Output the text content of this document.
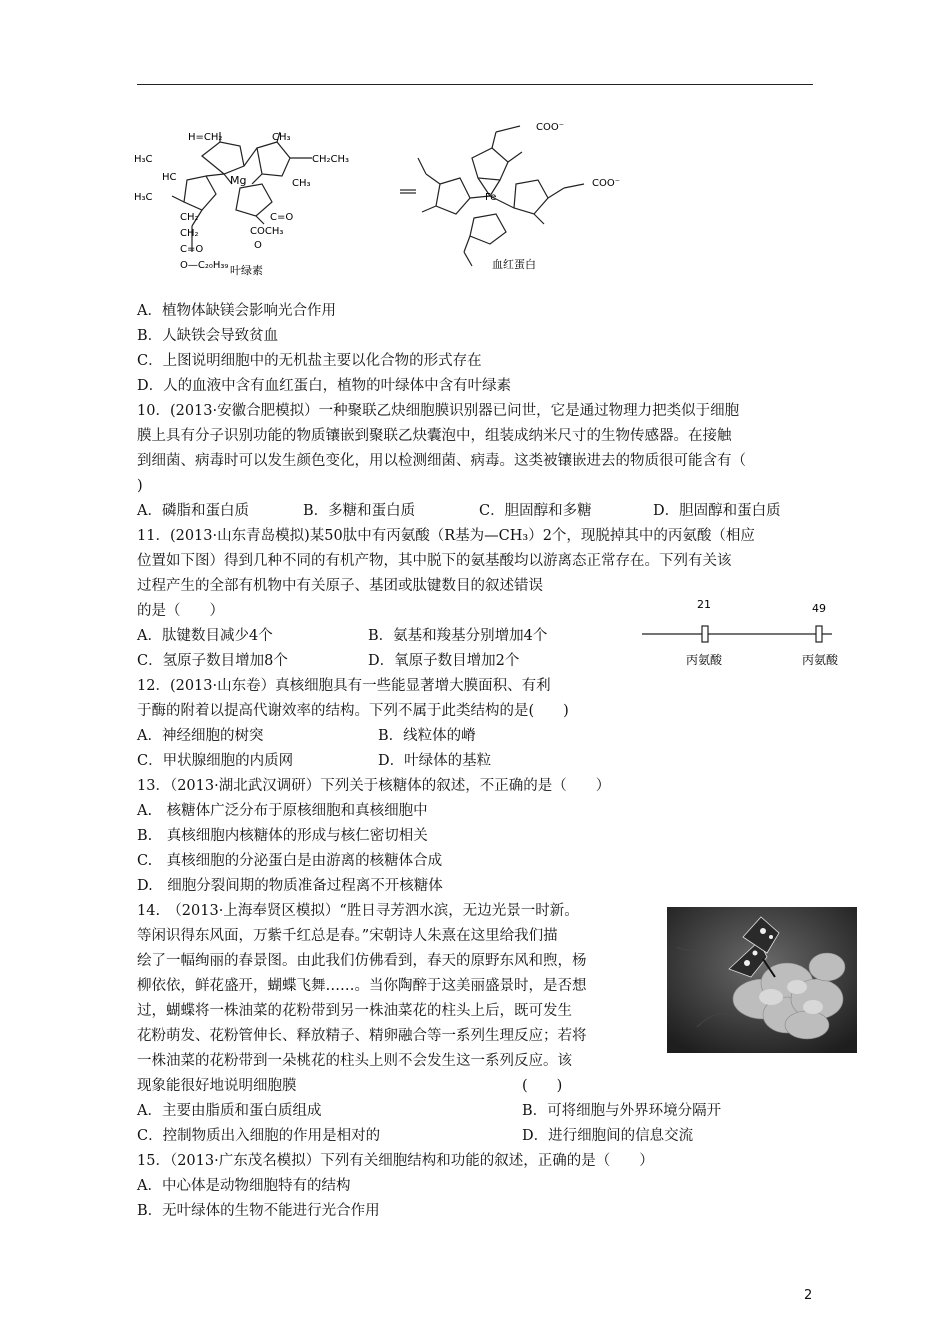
Mg
H=CH₂	CH₃
H₃C	CH₂CH₃
HC
CH₃
H₃C
CH₂	C=O
CH₂	COCH₃
C=O	O
O—C₂₀H₃₉ 叶绿素
Fe
COO⁻
COO⁻
血红蛋白
A．植物体缺镁会影响光合作用
B．人缺铁会导致贫血
C．上图说明细胞中的无机盐主要以化合物的形式存在
D．人的血液中含有血红蛋白，植物的叶绿体中含有叶绿素
10．(2013·安徽合肥模拟）一种聚联乙炔细胞膜识别器已问世，它是通过物理力把类似于细胞
膜上具有分子识别功能的物质镶嵌到聚联乙炔囊泡中，组装成纳米尺寸的生物传感器。在接触
到细菌、病毒时可以发生颜色变化，用以检测细菌、病毒。这类被镶嵌进去的物质很可能含有（
)
A．磷脂和蛋白质	B．多糖和蛋白质	C．胆固醇和多糖	D．胆固醇和蛋白质
11．(2013·山东青岛模拟)某50肽中有丙氨酸（R基为—CH₃）2个，现脱掉其中的丙氨酸（相应
位置如下图）得到几种不同的有机产物，其中脱下的氨基酸均以游离态正常存在。下列有关该
过程产生的全部有机物中有关原子、基团或肽键数目的叙述错误
的是（　　）
A．肽键数目减少4个	B．氨基和羧基分别增加4个
C．氢原子数目增加8个	D．氧原子数目增加2个
21	49
丙氨酸	丙氨酸
12．(2013·山东卷）真核细胞具有一些能显著增大膜面积、有利
于酶的附着以提高代谢效率的结构。下列不属于此类结构的是(　　)
A．神经细胞的树突	B．线粒体的嵴
C．甲状腺细胞的内质网	D．叶绿体的基粒
13．（2013·湖北武汉调研）下列关于核糖体的叙述，不正确的是（　　）
A.　核糖体广泛分布于原核细胞和真核细胞中
B.　真核细胞内核糖体的形成与核仁密切相关
C.　真核细胞的分泌蛋白是由游离的核糖体合成
D.　细胞分裂间期的物质准备过程离不开核糖体
14.　（2013·上海奉贤区模拟）“胜日寻芳泗水滨，无边光景一时新。
等闲识得东风面，万紫千红总是春。”宋朝诗人朱熹在这里给我们描
绘了一幅绚丽的春景图。由此我们仿佛看到，春天的原野东风和煦，杨
柳依依，鲜花盛开，蝴蝶飞舞……。当你陶醉于这美丽盛景时，是否想
过，蝴蝶将一株油菜的花粉带到另一株油菜花的柱头上后，既可发生
花粉萌发、花粉管伸长、释放精子、精卵融合等一系列生理反应；若将
一株油菜的花粉带到一朵桃花的柱头上则不会发生这一系列反应。该
现象能很好地说明细胞膜	(　　)
A．主要由脂质和蛋白质组成	B．可将细胞与外界环境分隔开
C．控制物质出入细胞的作用是相对的	D．进行细胞间的信息交流
15．（2013·广东茂名模拟）下列有关细胞结构和功能的叙述，正确的是（　　）
A．中心体是动物细胞特有的结构
B．无叶绿体的生物不能进行光合作用
2
